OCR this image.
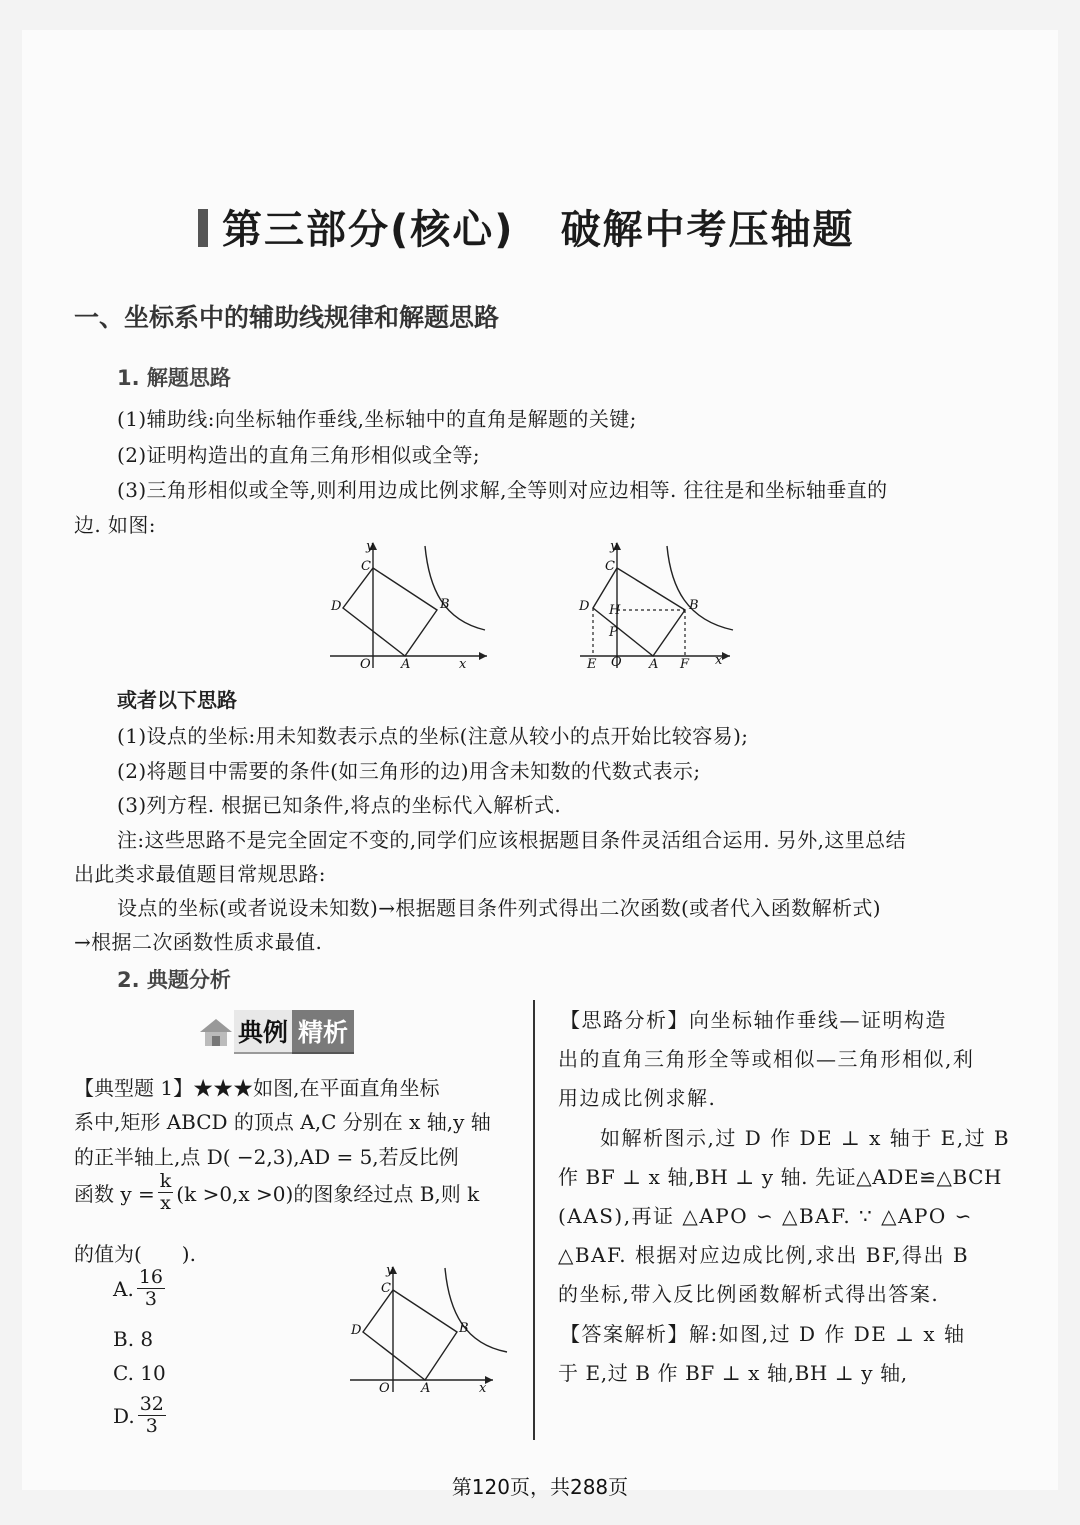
第三部分(核心) 破解中考压轴题
一、坐标系中的辅助线规律和解题思路
1. 解题思路
(1)辅助线:向坐标轴作垂线,坐标轴中的直角是解题的关键;
(2)证明构造出的直角三角形相似或全等;
(3)三角形相似或全等,则利用边成比例求解,全等则对应边相等. 往往是和坐标轴垂直的
边. 如图:
y
C
D	B
O A	x
y
C
D H	B
P
E O A F x
或者以下思路
(1)设点的坐标:用未知数表示点的坐标(注意从较小的点开始比较容易);
(2)将题目中需要的条件(如三角形的边)用含未知数的代数式表示;
(3)列方程. 根据已知条件,将点的坐标代入解析式.
注:这些思路不是完全固定不变的,同学们应该根据题目条件灵活组合运用. 另外,这里总结
出此类求最值题目常规思路:
设点的坐标(或者说设未知数)→根据题目条件列式得出二次函数(或者代入函数解析式)
→根据二次函数性质求最值.
2. 典题分析
典例 精析
【典型题 1】★★★如图,在平面直角坐标
系中,矩形 ABCD 的顶点 A,C 分别在 x 轴,y 轴
的正半轴上,点 D( −2,3),AD = 5,若反比例
函数 $y = \frac{k}{x} (k >0,x >0)$的图象经过点 B,则 k
的值为(　　).
A. $\frac{16}{3}$
B. 8
C. 10
D. $\frac{32}{3}$
y
C
D	B
O A	x
【思路分析】向坐标轴作垂线—证明构造
出的直角三角形全等或相似—三角形相似,利
用边成比例求解.
如解析图示,过 D 作 DE ⊥ x 轴于 E,过 B
作 BF ⊥ x 轴,BH ⊥ y 轴. 先证△ADE≌△BCH
(AAS),再证 △APO ∽ △BAF. ∵ △APO ∽
△BAF. 根据对应边成比例,求出 BF,得出 B
的坐标,带入反比例函数解析式得出答案.
【答案解析】解:如图,过 D 作 DE ⊥ x 轴
于 E,过 B 作 BF ⊥ x 轴,BH ⊥ y 轴,
第120页，共288页
